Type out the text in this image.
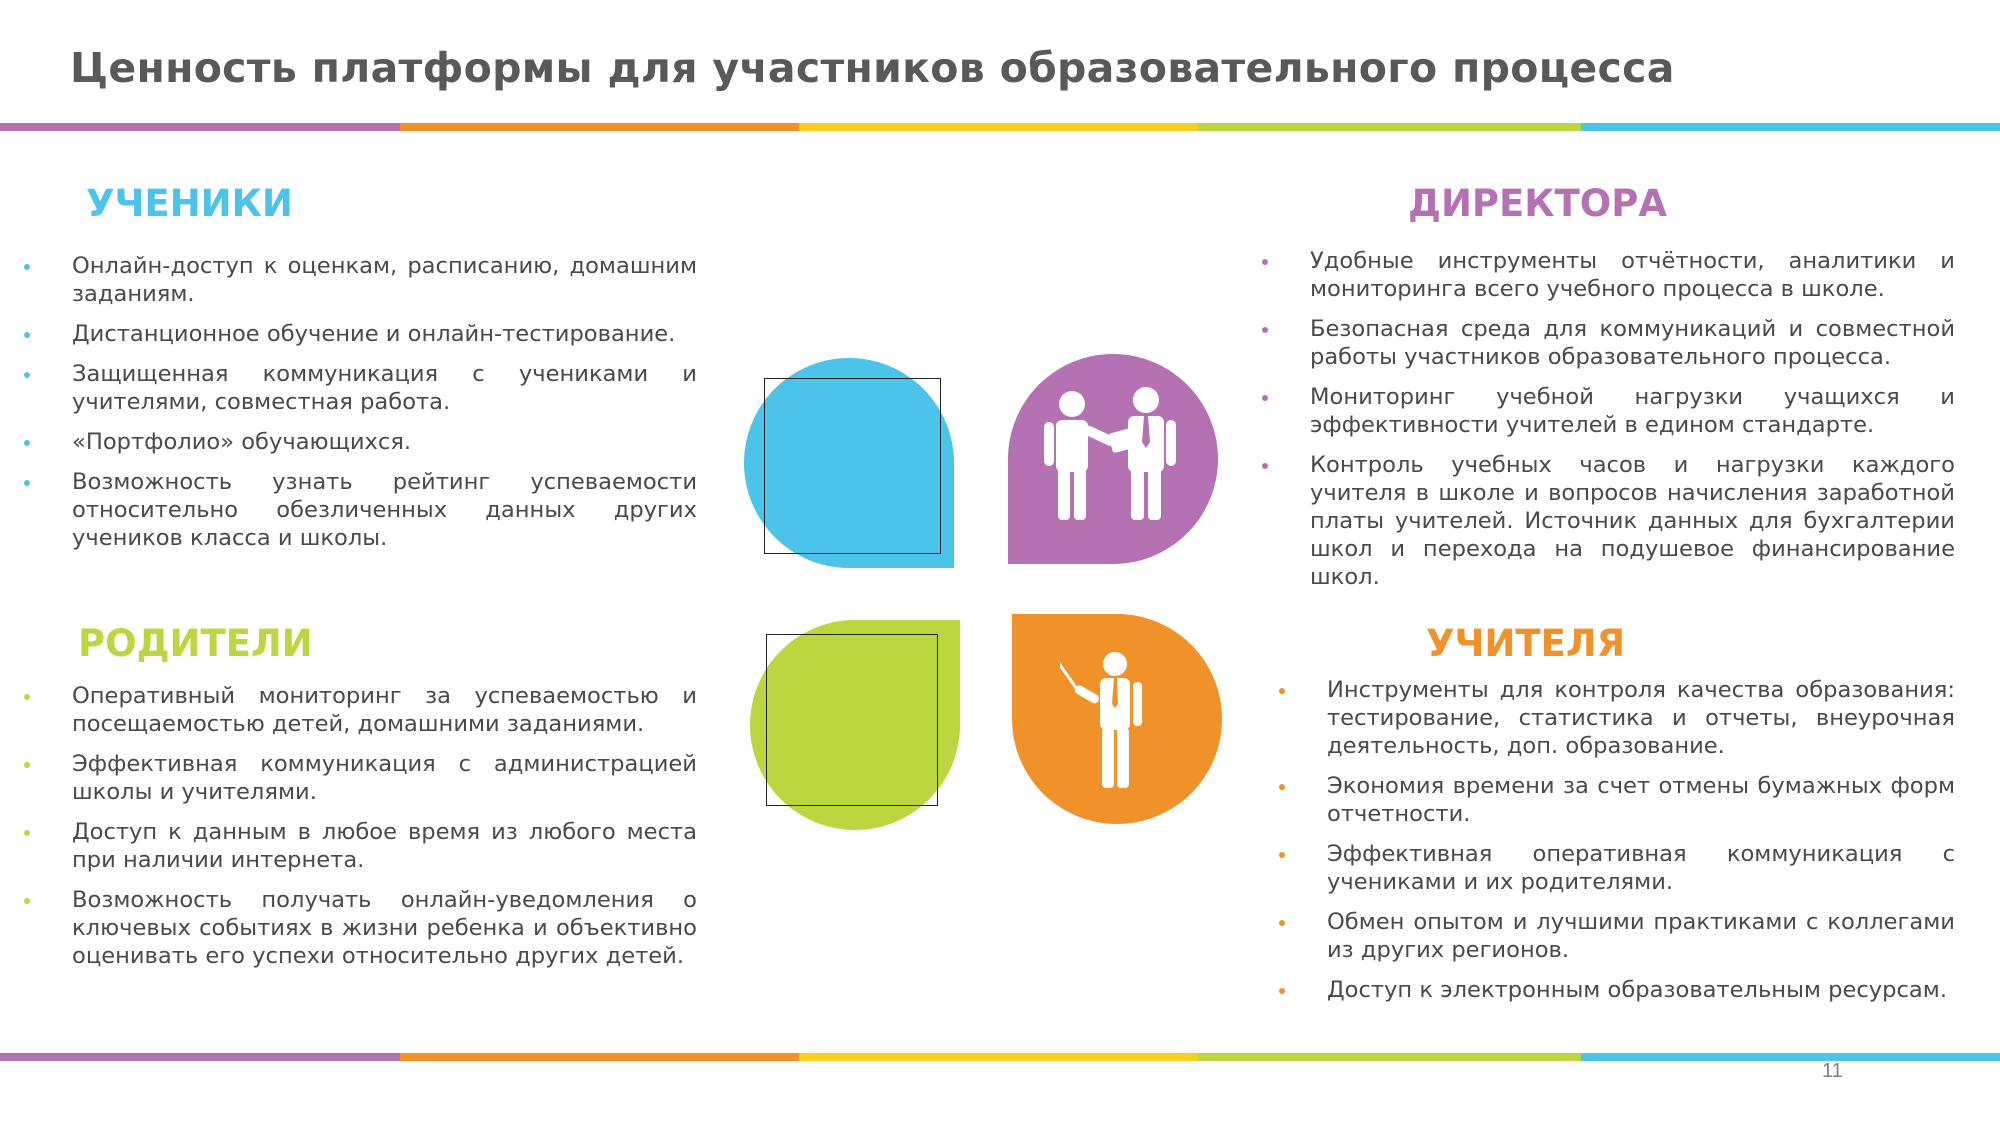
Ценность платформы для участников образовательного процесса
УЧЕНИКИ
Онлайн-доступ к оценкам, расписанию, домашним заданиям.
Дистанционное обучение и онлайн-тестирование.
Защищенная коммуникация с учениками и учителями, совместная работа.
«Портфолио» обучающихся.
Возможность узнать рейтинг успеваемости относительно обезличенных данных других учеников класса и школы.
ДИРЕКТОРА
Удобные инструменты отчётности, аналитики и мониторинга всего учебного процесса в школе.
Безопасная среда для коммуникаций и совместной работы участников образовательного процесса.
Мониторинг учебной нагрузки учащихся и эффективности учителей в едином стандарте.
Контроль учебных часов и нагрузки каждого учителя в школе и вопросов начисления заработной платы учителей. Источник данных для бухгалтерии школ и перехода на подушевое финансирование школ.
РОДИТЕЛИ
Оперативный мониторинг за успеваемостью и посещаемостью детей, домашними заданиями.
Эффективная коммуникация с администрацией школы и учителями.
Доступ к данным в любое время из любого места при наличии интернета.
Возможность получать онлайн-уведомления о ключевых событиях в жизни ребенка и объективно оценивать его успехи относительно других детей.
УЧИТЕЛЯ
Инструменты для контроля качества образования: тестирование, статистика и отчеты, внеурочная деятельность, доп. образование.
Экономия времени за счет отмены бумажных форм отчетности.
Эффективная оперативная коммуникация с учениками и их родителями.
Обмен опытом и лучшими практиками с коллегами из других регионов.
Доступ к электронным образовательным ресурсам.
11
